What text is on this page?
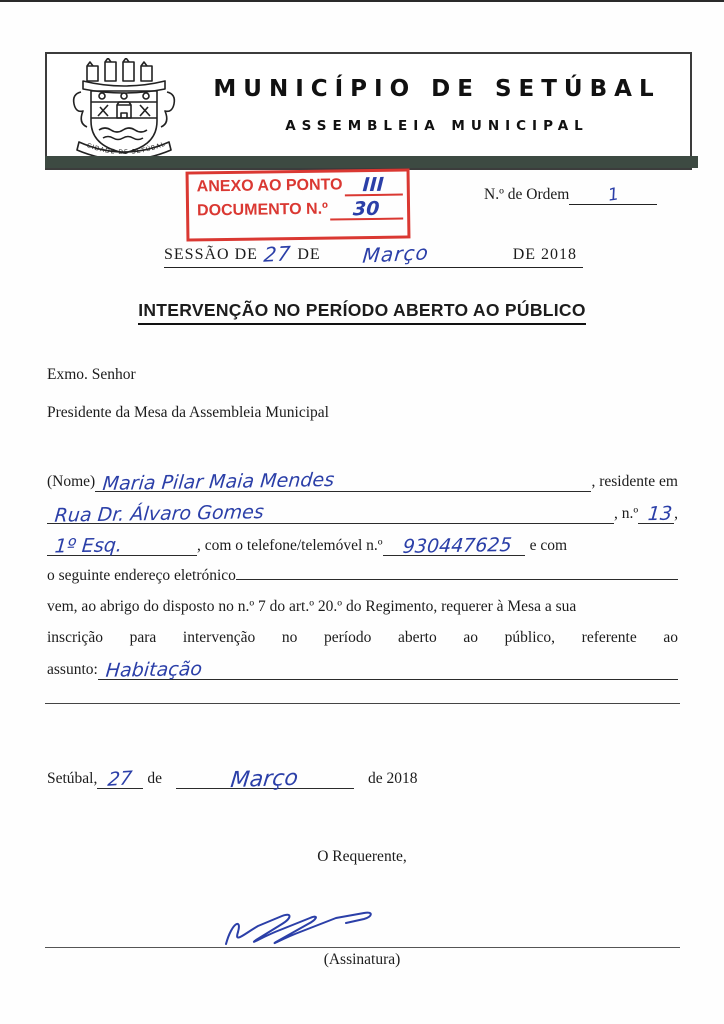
CIDADE DE SETÚBAL
MUNICÍPIO DE SETÚBAL
ASSEMBLEIA MUNICIPAL
ANEXO AO PONTO	III
DOCUMENTO N.º	30
N.º de Ordem	1
SESSÃO DE 27 DE	Março	DE 2018
INTERVENÇÃO NO PERÍODO ABERTO AO PÚBLICO
Exmo. Senhor
Presidente da Mesa da Assembleia Municipal
(Nome) Maria Pilar Maia Mendes	, residente em
Rua Dr. Álvaro Gomes	, n.º 13 ,
1º Esq.	, com o telefone/telemóvel n.º	930447625	e com
o seguinte endereço eletrónico
vem, ao abrigo do disposto no n.º 7 do art.º 20.º do Regimento, requerer à Mesa a sua
inscrição para intervenção no período aberto ao público, referente ao
assunto: Habitação
Setúbal, 27 de	Março	de 2018
O Requerente,
(Assinatura)
